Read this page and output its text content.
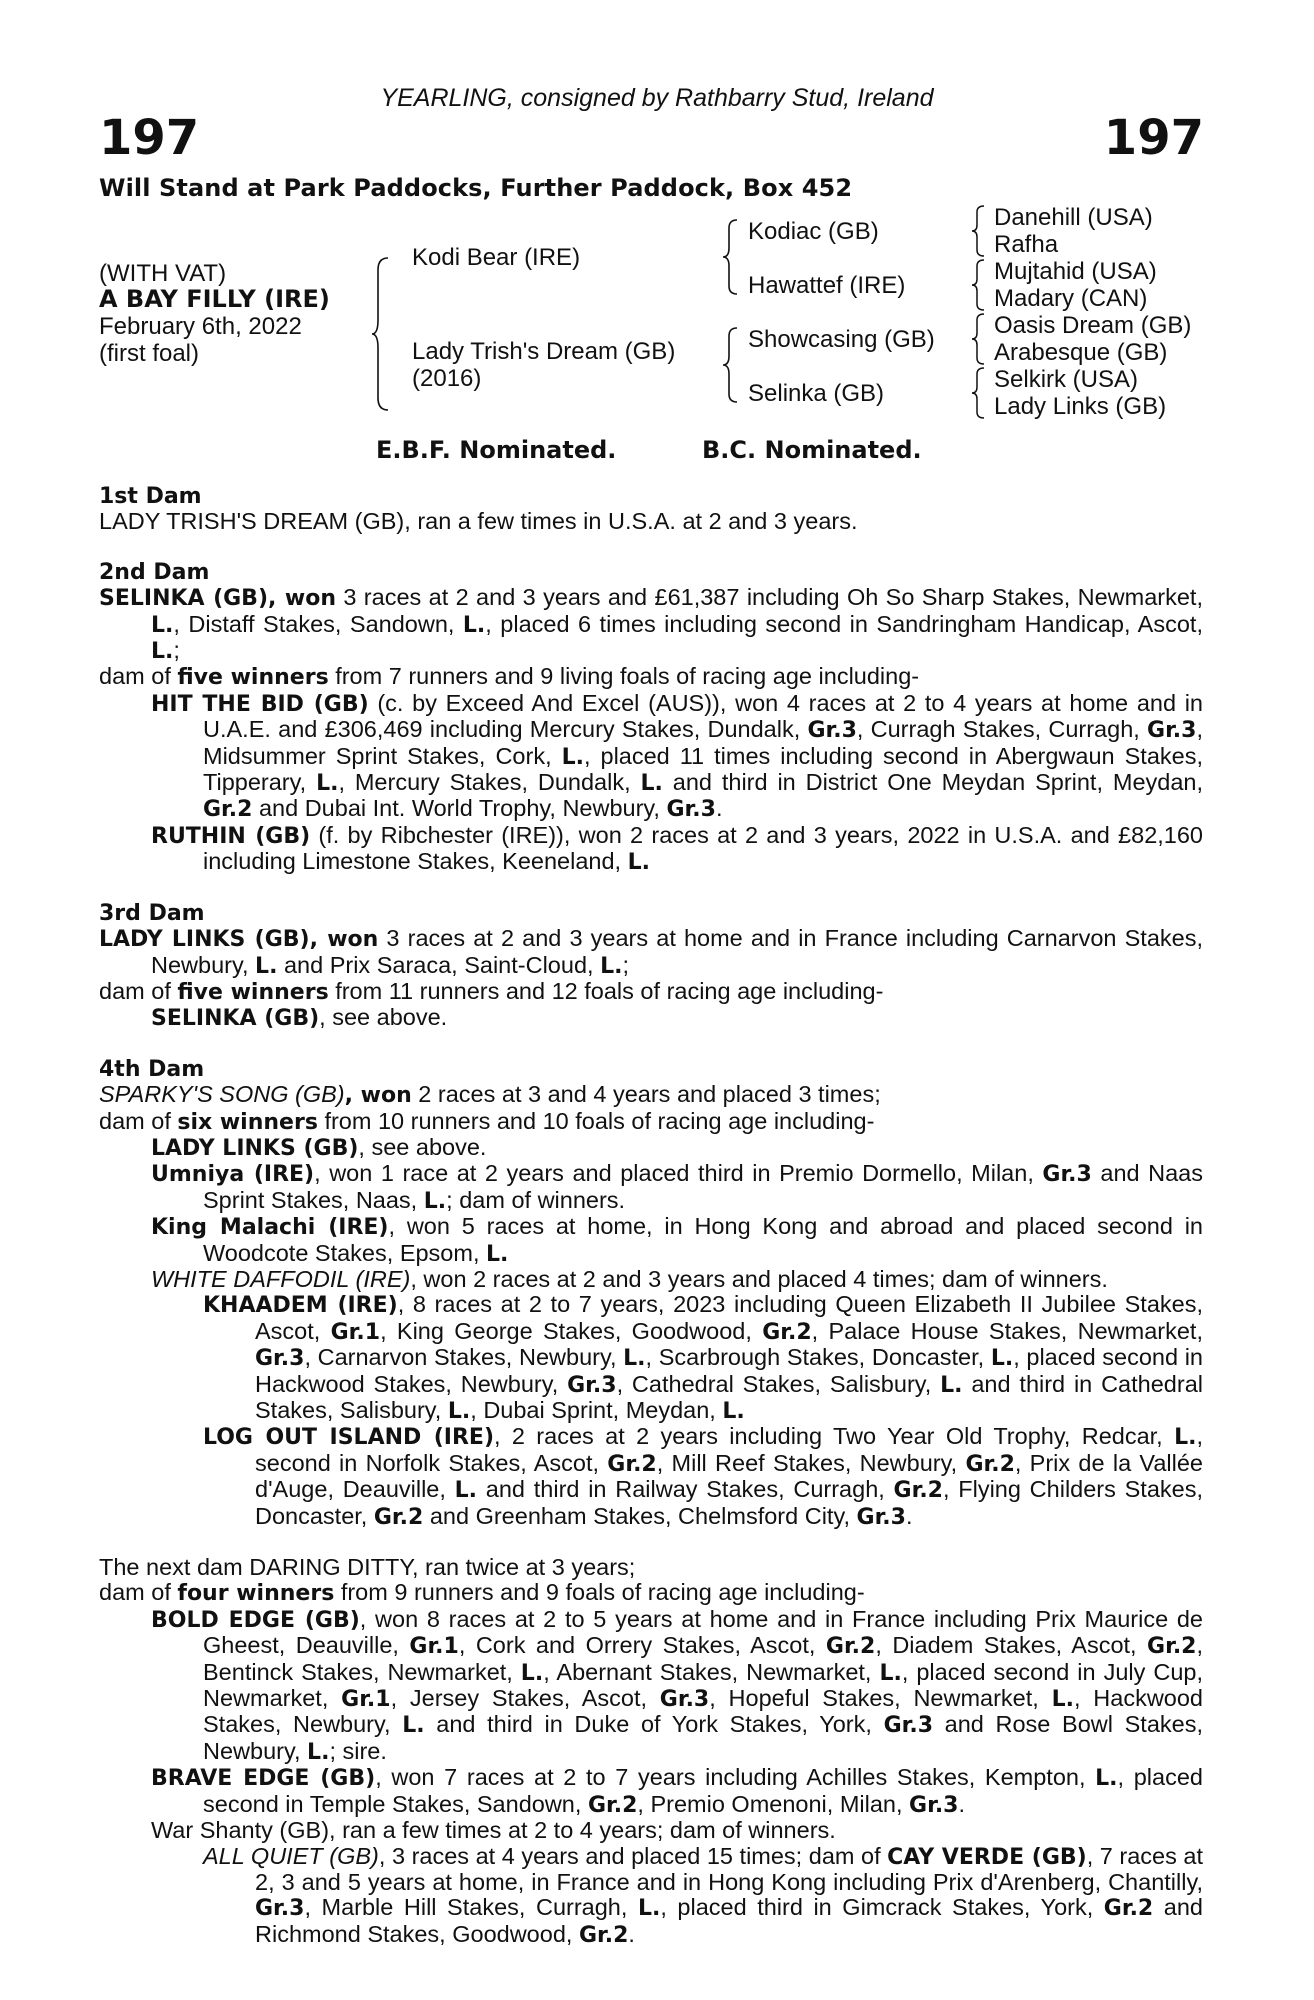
YEARLING, consigned by Rathbarry Stud, Ireland
197	197
Will Stand at Park Paddocks, Further Paddock, Box 452
(WITH VAT)
A BAY FILLY (IRE)
February 6th, 2022
(first foal)
Kodi Bear (IRE)
Lady Trish's Dream (GB)
(2016)
Kodiac (GB)
Hawattef (IRE)
Showcasing (GB)
Selinka (GB)
Danehill (USA)
Rafha
Mujtahid (USA)
Madary (CAN)
Oasis Dream (GB)
Arabesque (GB)
Selkirk (USA)
Lady Links (GB)
E.B.F. Nominated.	B.C. Nominated.
1st Dam
LADY TRISH'S DREAM (GB), ran a few times in U.S.A. at 2 and 3 years.
2nd Dam
SELINKA (GB), won 3 races at 2 and 3 years and £61,387 including Oh So Sharp Stakes, Newmarket, L., Distaff Stakes, Sandown, L., placed 6 times including second in Sandringham Handicap, Ascot, L.;
dam of five winners from 7 runners and 9 living foals of racing age including-
HIT THE BID (GB) (c. by Exceed And Excel (AUS)), won 4 races at 2 to 4 years at home and in U.A.E. and £306,469 including Mercury Stakes, Dundalk, Gr.3, Curragh Stakes, Curragh, Gr.3, Midsummer Sprint Stakes, Cork, L., placed 11 times including second in Abergwaun Stakes, Tipperary, L., Mercury Stakes, Dundalk, L. and third in District One Meydan Sprint, Meydan, Gr.2 and Dubai Int. World Trophy, Newbury, Gr.3.
RUTHIN (GB) (f. by Ribchester (IRE)), won 2 races at 2 and 3 years, 2022 in U.S.A. and £82,160 including Limestone Stakes, Keeneland, L.
3rd Dam
LADY LINKS (GB), won 3 races at 2 and 3 years at home and in France including Carnarvon Stakes, Newbury, L. and Prix Saraca, Saint-Cloud, L.;
dam of five winners from 11 runners and 12 foals of racing age including-
SELINKA (GB), see above.
4th Dam
SPARKY'S SONG (GB), won 2 races at 3 and 4 years and placed 3 times;
dam of six winners from 10 runners and 10 foals of racing age including-
LADY LINKS (GB), see above.
Umniya (IRE), won 1 race at 2 years and placed third in Premio Dormello, Milan, Gr.3 and Naas Sprint Stakes, Naas, L.; dam of winners.
King Malachi (IRE), won 5 races at home, in Hong Kong and abroad and placed second in Woodcote Stakes, Epsom, L.
WHITE DAFFODIL (IRE), won 2 races at 2 and 3 years and placed 4 times; dam of winners.
KHAADEM (IRE), 8 races at 2 to 7 years, 2023 including Queen Elizabeth II Jubilee Stakes, Ascot, Gr.1, King George Stakes, Goodwood, Gr.2, Palace House Stakes, Newmarket, Gr.3, Carnarvon Stakes, Newbury, L., Scarbrough Stakes, Doncaster, L., placed second in Hackwood Stakes, Newbury, Gr.3, Cathedral Stakes, Salisbury, L. and third in Cathedral Stakes, Salisbury, L., Dubai Sprint, Meydan, L.
LOG OUT ISLAND (IRE), 2 races at 2 years including Two Year Old Trophy, Redcar, L., second in Norfolk Stakes, Ascot, Gr.2, Mill Reef Stakes, Newbury, Gr.2, Prix de la Vallée d'Auge, Deauville, L. and third in Railway Stakes, Curragh, Gr.2, Flying Childers Stakes, Doncaster, Gr.2 and Greenham Stakes, Chelmsford City, Gr.3.
The next dam DARING DITTY, ran twice at 3 years;
dam of four winners from 9 runners and 9 foals of racing age including-
BOLD EDGE (GB), won 8 races at 2 to 5 years at home and in France including Prix Maurice de Gheest, Deauville, Gr.1, Cork and Orrery Stakes, Ascot, Gr.2, Diadem Stakes, Ascot, Gr.2, Bentinck Stakes, Newmarket, L., Abernant Stakes, Newmarket, L., placed second in July Cup, Newmarket, Gr.1, Jersey Stakes, Ascot, Gr.3, Hopeful Stakes, Newmarket, L., Hackwood Stakes, Newbury, L. and third in Duke of York Stakes, York, Gr.3 and Rose Bowl Stakes, Newbury, L.; sire.
BRAVE EDGE (GB), won 7 races at 2 to 7 years including Achilles Stakes, Kempton, L., placed second in Temple Stakes, Sandown, Gr.2, Premio Omenoni, Milan, Gr.3.
War Shanty (GB), ran a few times at 2 to 4 years; dam of winners.
ALL QUIET (GB), 3 races at 4 years and placed 15 times; dam of CAY VERDE (GB), 7 races at 2, 3 and 5 years at home, in France and in Hong Kong including Prix d'Arenberg, Chantilly, Gr.3, Marble Hill Stakes, Curragh, L., placed third in Gimcrack Stakes, York, Gr.2 and Richmond Stakes, Goodwood, Gr.2.
